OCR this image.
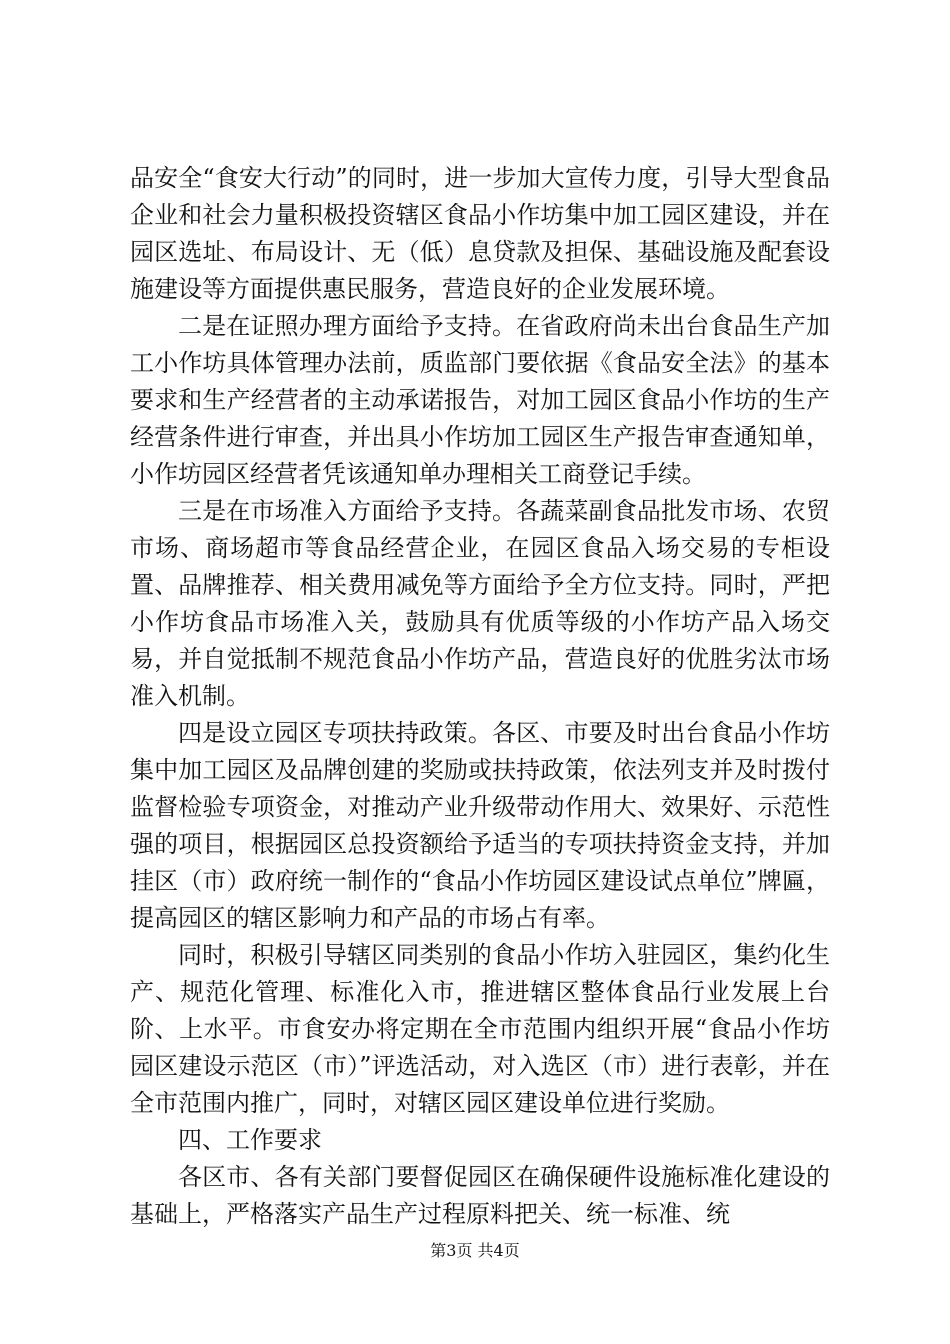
品安全“食安大行动”的同时，进一步加大宣传力度，引导大型食品企业和社会力量积极投资辖区食品小作坊集中加工园区建设，并在园区选址、布局设计、无（低）息贷款及担保、基础设施及配套设施建设等方面提供惠民服务，营造良好的企业发展环境。

二是在证照办理方面给予支持。在省政府尚未出台食品生产加工小作坊具体管理办法前，质监部门要依据《食品安全法》的基本要求和生产经营者的主动承诺报告，对加工园区食品小作坊的生产经营条件进行审查，并出具小作坊加工园区生产报告审查通知单，小作坊园区经营者凭该通知单办理相关工商登记手续。

三是在市场准入方面给予支持。各蔬菜副食品批发市场、农贸市场、商场超市等食品经营企业，在园区食品入场交易的专柜设置、品牌推荐、相关费用减免等方面给予全方位支持。同时，严把小作坊食品市场准入关，鼓励具有优质等级的小作坊产品入场交易，并自觉抵制不规范食品小作坊产品，营造良好的优胜劣汰市场准入机制。

四是设立园区专项扶持政策。各区、市要及时出台食品小作坊集中加工园区及品牌创建的奖励或扶持政策，依法列支并及时拨付监督检验专项资金，对推动产业升级带动作用大、效果好、示范性强的项目，根据园区总投资额给予适当的专项扶持资金支持，并加挂区（市）政府统一制作的“食品小作坊园区建设试点单位”牌匾，提高园区的辖区影响力和产品的市场占有率。

同时，积极引导辖区同类别的食品小作坊入驻园区，集约化生产、规范化管理、标准化入市，推进辖区整体食品行业发展上台阶、上水平。市食安办将定期在全市范围内组织开展“食品小作坊园区建设示范区（市）”评选活动，对入选区（市）进行表彰，并在全市范围内推广，同时，对辖区园区建设单位进行奖励。

四、工作要求

各区市、各有关部门要督促园区在确保硬件设施标准化建设的基础上，严格落实产品生产过程原料把关、统一标准、统

第3页 共4页
